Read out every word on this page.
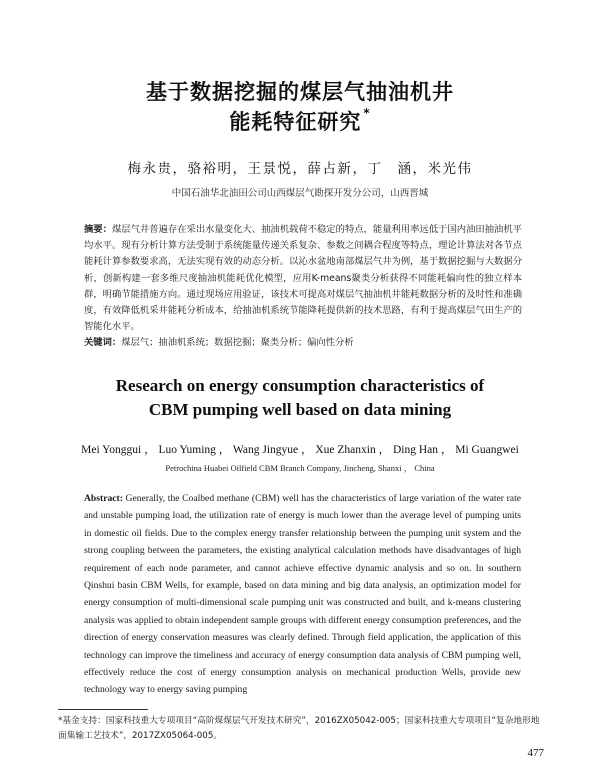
基于数据挖掘的煤层气抽油机井
能耗特征研究 *
梅永贵，骆裕明，王景悦，薛占新，丁　涵，米光伟
中国石油华北油田公司山西煤层气勘探开发分公司，山西晋城
摘要：煤层气井普遍存在采出水量变化大、抽油机载荷不稳定的特点，能量利用率远低于国内油田抽油机平均水平。现有分析计算方法受制于系统能量传递关系复杂、参数之间耦合程度等特点，理论计算法对各节点能耗计算参数要求高，无法实现有效的动态分析。以沁水盆地南部煤层气井为例，基于数据挖掘与大数据分析，创新构建一套多维尺度抽油机能耗优化模型，应用K-means聚类分析获得不同能耗偏向性的独立样本群，明确节能措施方向。通过现场应用验证，该技术可提高对煤层气抽油机井能耗数据分析的及时性和准确度，有效降低机采井能耗分析成本，给抽油机系统节能降耗提供新的技术思路，有利于提高煤层气田生产的智能化水平。
关键词：煤层气；抽油机系统；数据挖掘；聚类分析；偏向性分析
Research on energy consumption characteristics of
CBM pumping well based on data mining
Mei Yonggui ， Luo Yuming ， Wang Jingyue ， Xue Zhanxin ， Ding Han ， Mi Guangwei
Petrochina Huabei Oilfield CBM Branch Company, Jincheng, Shanxi ， China
Abstract: Generally, the Coalbed methane (CBM) well has the characteristics of large variation of the water rate and unstable pumping load, the utilization rate of energy is much lower than the average level of pumping units in domestic oil fields. Due to the complex energy transfer relationship between the pumping unit system and the strong coupling between the parameters, the existing analytical calculation methods have disadvantages of high requirement of each node parameter, and cannot achieve effective dynamic analysis and so on. In southern Qinshui basin CBM Wells, for example, based on data mining and big data analysis, an optimization model for energy consumption of multi-dimensional scale pumping unit was constructed and built, and k-means clustering analysis was applied to obtain independent sample groups with different energy consumption preferences, and the direction of energy conservation measures was clearly defined. Through field application, the application of this technology can improve the timeliness and accuracy of energy consumption data analysis of CBM pumping well, effectively reduce the cost of energy consumption analysis on mechanical production Wells, provide new technology way to energy saving pumping
*基金支持：国家科技重大专项项目“高阶煤煤层气开发技术研究”，2016ZX05042-005；国家科技重大专项项目“复杂地形地面集输工艺技术”，2017ZX05064-005。
477
